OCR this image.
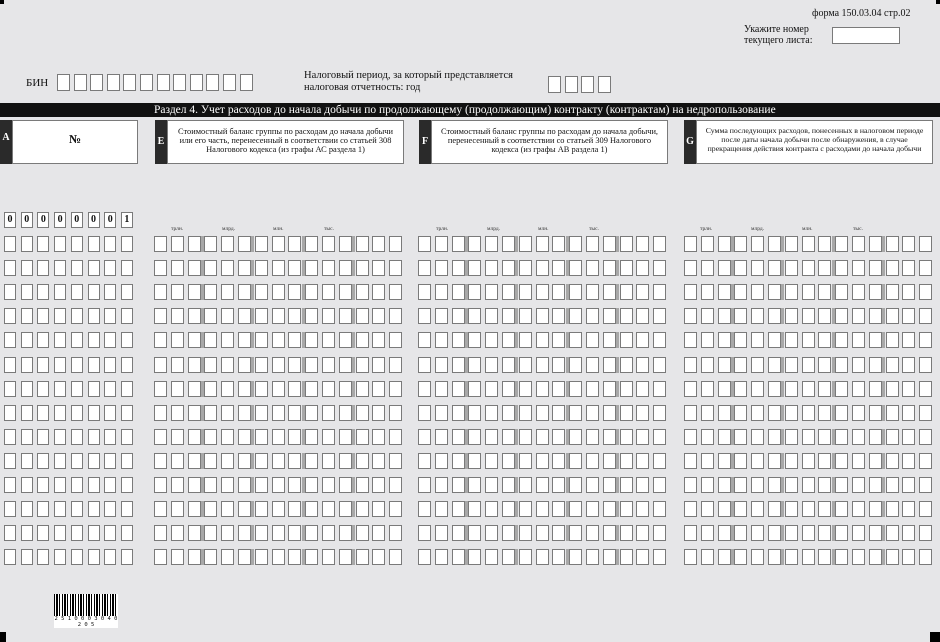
форма 150.03.04 стр.02
Укажите номер текущего листа:
БИН
Налоговый период, за который представляется налоговая отчетность: год
Раздел 4. Учет расходов до начала добычи по продолжающему (продолжающим) контракту (контрактам) на недропользование
A	№	E
Стоимостный баланс группы по расходам до начала добычи или его часть, перенесенный в соответствии со статьей 308 Налогового кодекса (из графы АС раздела 1)
F
Стоимостный баланс группы по расходам до начала добычи, перенесенный в соответствии со статьей 309 Налогового кодекса (из графы АВ раздела 1)
G
Сумма последующих расходов, понесенных в налоговом периоде после даты начала добычи после обнаружения, в случае прекращения действия контракта с расходами до начала добычи
0	0	0	0	0	0	0	1
трлн.	млрд.	млн.	тыс.	трлн.	млрд.	млн.	тыс.	трлн.	млрд.	млн.	тыс.
2 5 1 0 0 0 3 0 4 0 2 0 5
